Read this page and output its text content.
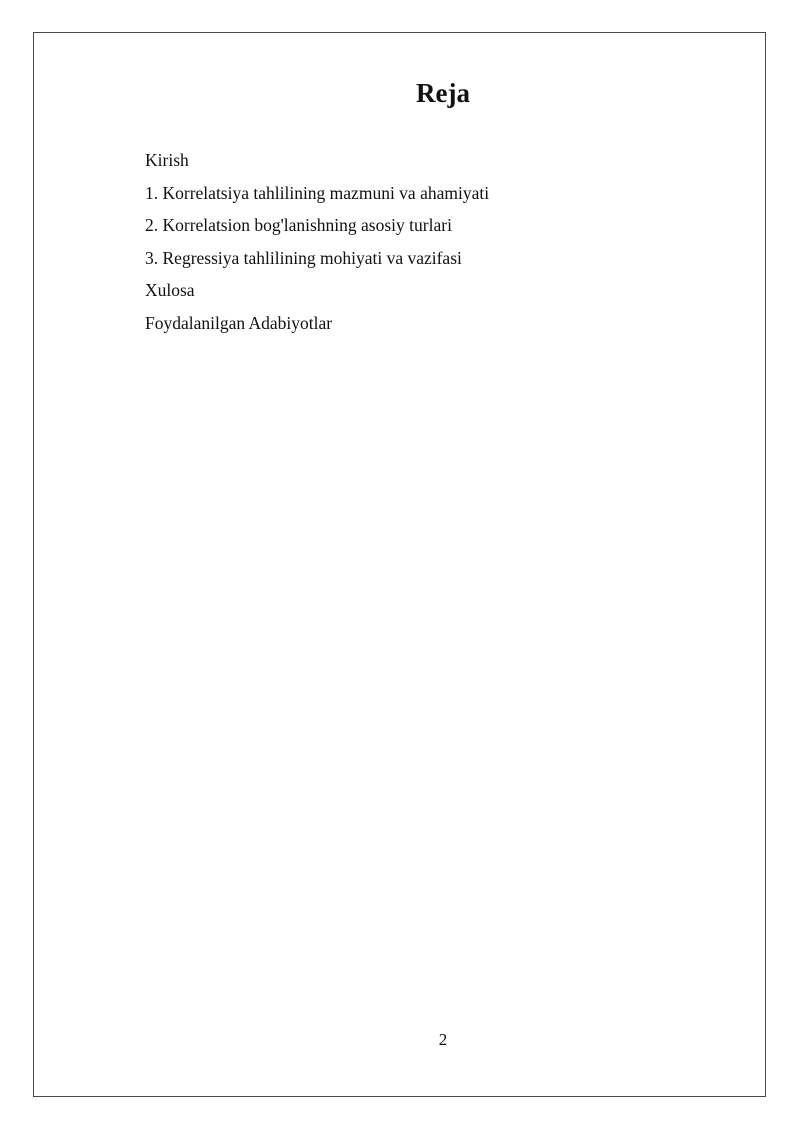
Reja
Kirish
1. Korrelatsiya tahlilining mazmuni va ahamiyati
2. Korrelatsion bog'lanishning asosiy turlari
3. Regressiya tahlilining mohiyati va vazifasi
Xulosa
Foydalanilgan Adabiyotlar
2
